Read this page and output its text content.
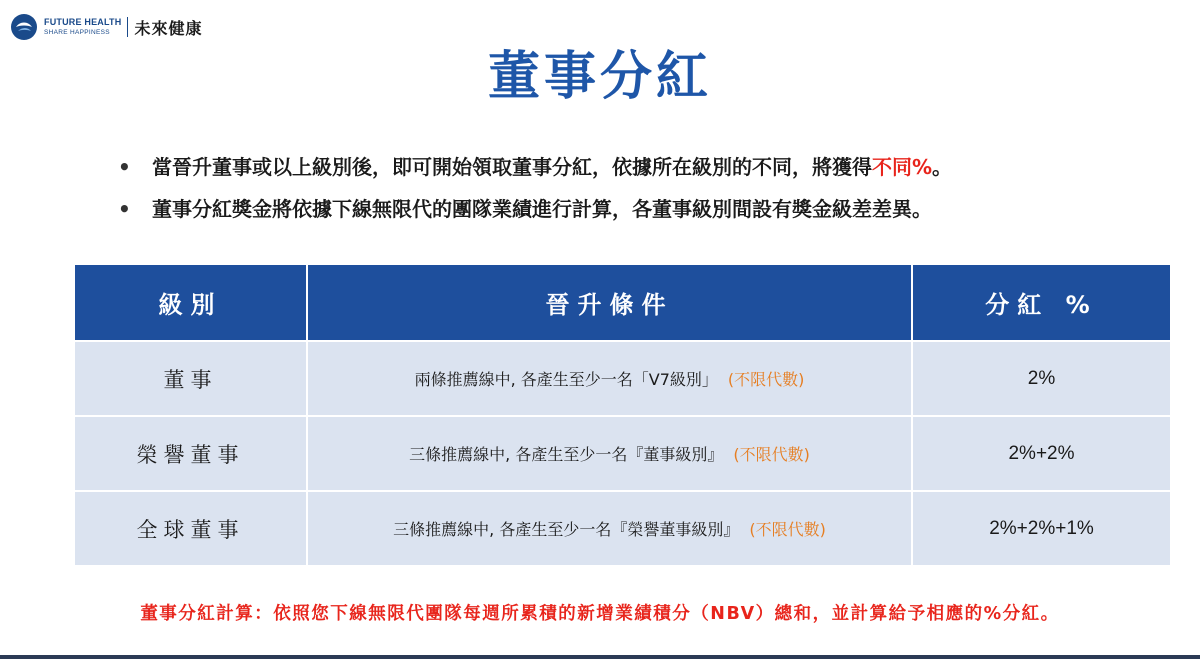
FUTURE HEALTH
SHARE HAPPINESS	未來健康
董事分紅
• 當晉升董事或以上級別後，即可開始領取董事分紅，依據所在級別的不同，將獲得不同%。
• 董事分紅獎金將依據下線無限代的團隊業績進行計算，各董事級別間設有獎金級差差異。
級別	晉升條件	分紅 %
董事	兩條推薦線中, 各產生至少一名「V7級別」 (不限代數)	2%
榮譽董事	三條推薦線中, 各產生至少一名『董事級別』 (不限代數)	2%+2%
全球董事	三條推薦線中, 各產生至少一名『榮譽董事級別』 (不限代數)	2%+2%+1%
董事分紅計算：依照您下線無限代團隊每週所累積的新增業績積分（NBV）總和，並計算給予相應的%分紅。
